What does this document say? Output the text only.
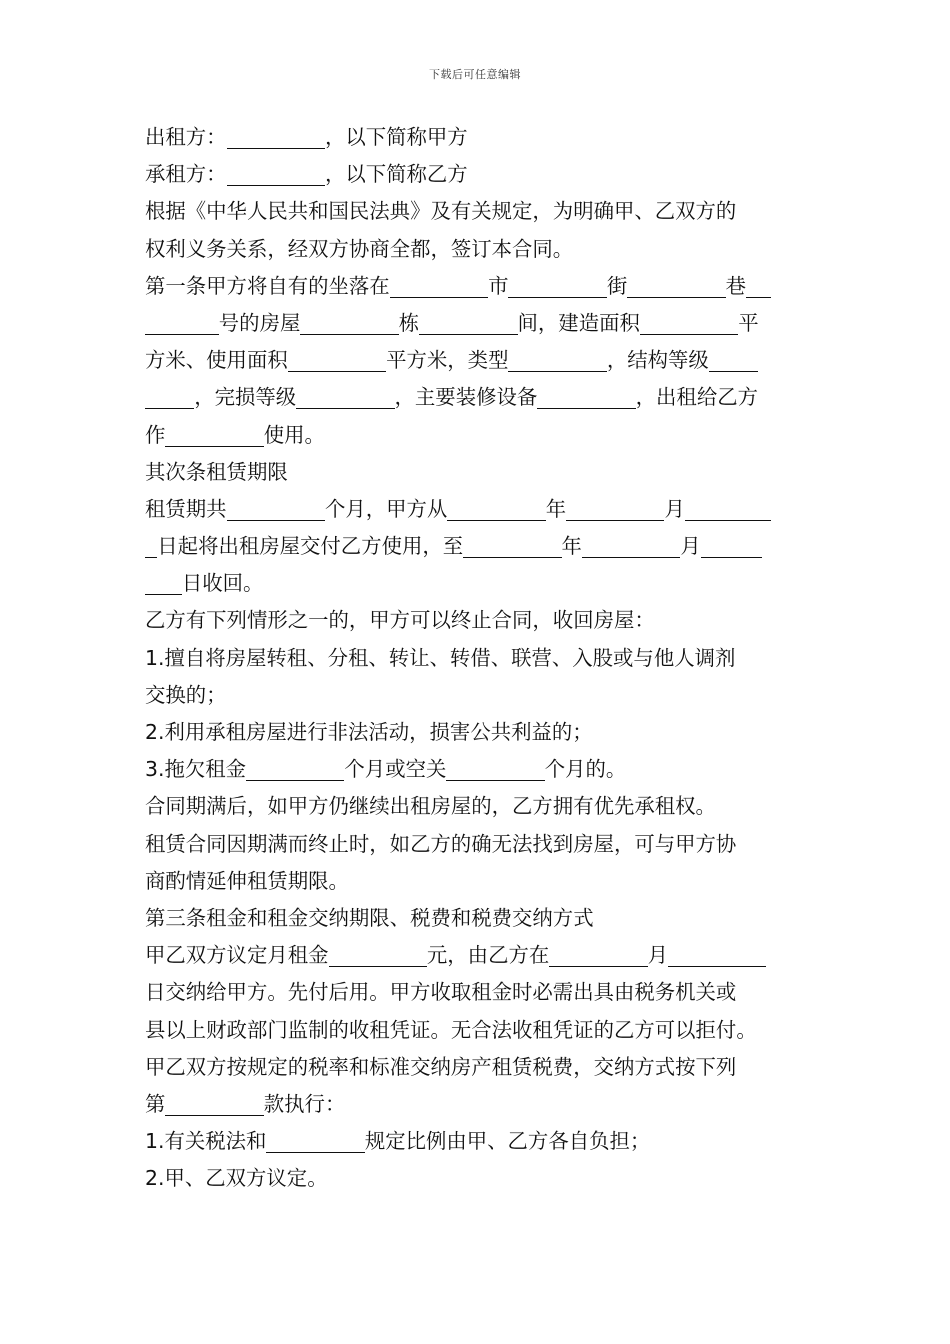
下载后可任意编辑
出租方：	，以下简称甲方
承租方：	，以下简称乙方
根据《中华人民共和国民法典》及有关规定，为明确甲、乙双方的
权利义务关系，经双方协商全都，签订本合同。
第一条甲方将自有的坐落在	市	街	巷
号的房屋	栋	间，建造面积	平
方米、使用面积	平方米，类型	，结构等级
，完损等级	，主要装修设备	，出租给乙方
作	使用。
其次条租赁期限
租赁期共	个月，甲方从	年	月
日起将出租房屋交付乙方使用，至	年	月
日收回。
乙方有下列情形之一的，甲方可以终止合同，收回房屋：
1.擅自将房屋转租、分租、转让、转借、联营、入股或与他人调剂
交换的；
2.利用承租房屋进行非法活动，损害公共利益的；
3.拖欠租金	个月或空关	个月的。
合同期满后，如甲方仍继续出租房屋的，乙方拥有优先承租权。
租赁合同因期满而终止时，如乙方的确无法找到房屋，可与甲方协
商酌情延伸租赁期限。
第三条租金和租金交纳期限、税费和税费交纳方式
甲乙双方议定月租金	元，由乙方在	月
日交纳给甲方。先付后用。甲方收取租金时必需出具由税务机关或
县以上财政部门监制的收租凭证。无合法收租凭证的乙方可以拒付。
甲乙双方按规定的税率和标准交纳房产租赁税费，交纳方式按下列
第	款执行：
1.有关税法和	规定比例由甲、乙方各自负担；
2.甲、乙双方议定。
